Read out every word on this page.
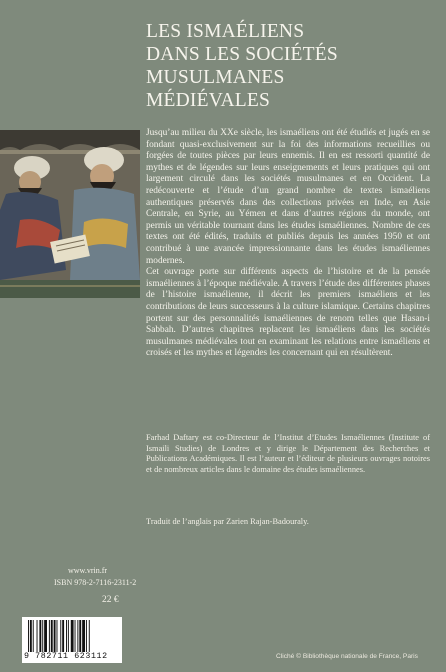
LES ISMAÉLIENS
DANS LES SOCIÉTÉS
MUSULMANES
MÉDIÉVALES

Jusqu’au milieu du XXe siècle, les ismaéliens ont été étudiés et jugés en se fondant quasi-exclusivement sur la foi des informations recueillies ou forgées de toutes pièces par leurs ennemis. Il en est ressorti quantité de mythes et de légendes sur leurs enseignements et leurs pratiques qui ont largement circulé dans les sociétés musulmanes et en Occident. La redécouverte et l’étude d’un grand nombre de textes ismaéliens authentiques préservés dans des collections privées en Inde, en Asie Centrale, en Syrie, au Yémen et dans d’autres régions du monde, ont permis un véritable tournant dans les études ismaéliennes. Nombre de ces textes ont été édités, traduits et publiés depuis les années 1950 et ont contribué à une avancée impressionnante dans les études ismaéliennes modernes.

Cet ouvrage porte sur différents aspects de l’histoire et de la pensée ismaéliennes à l’époque médiévale. A travers l’étude des différentes phases de l’histoire ismaélienne, il décrit les premiers ismaéliens et les contributions de leurs successeurs à la culture islamique. Certains chapitres portent sur des personnalités ismaéliennes de renom telles que Hasan-i Sabbah. D’autres chapitres replacent les ismaéliens dans les sociétés musulmanes médiévales tout en examinant les relations entre ismaéliens et croisés et les mythes et légendes les concernant qui en résultèrent.

Farhad Daftary est co-Directeur de l’Institut d’Etudes Ismaéliennes (Institute of Ismaili Studies) de Londres et y dirige le Département des Recherches et Publications Académiques. Il est l’auteur et l’éditeur de plusieurs ouvrages notoires et de nombreux articles dans le domaine des études ismaéliennes.
Traduit de l’anglais par Zarien Rajan-Badouraly.
www.vrin.fr
ISBN 978-2-7116-2311-2
22 €
9 782711 623112	Cliché © Bibliothèque nationale de France, Paris
